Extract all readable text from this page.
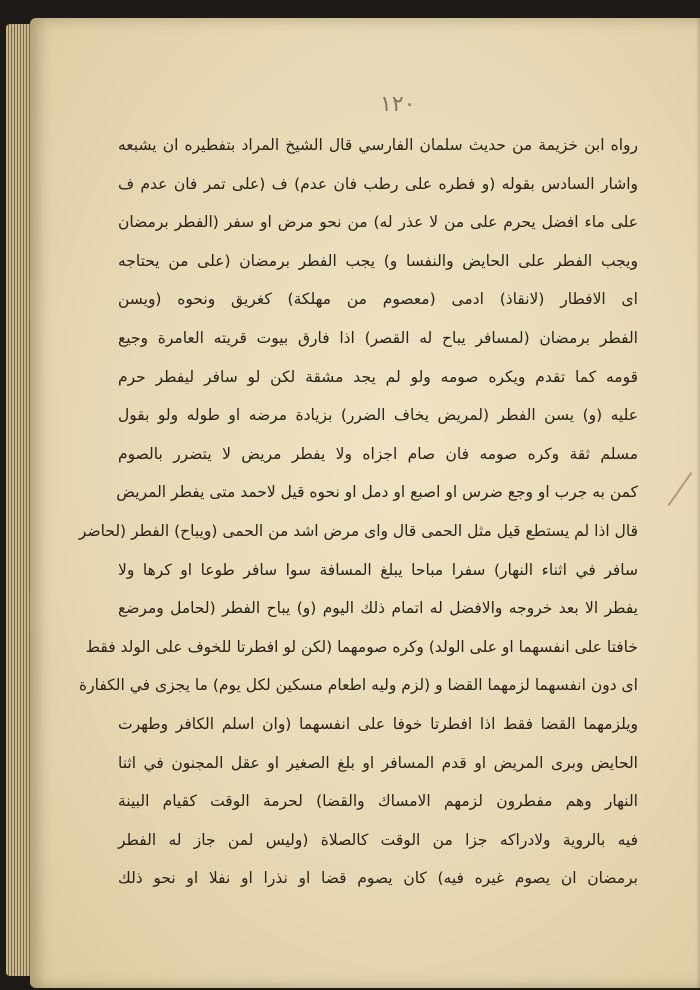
١٢٠
رواه ابن خزيمة من حديث سلمان الفارسي قال الشيخ المراد بتفطيره ان يشبعه
واشار السادس بقوله (و فطره على رطب فان عدم) ف (على تمر فان عدم ف
على ماء افضل يحرم على من لا عذر له) من نحو مرض او سفر (الفطر برمضان
ويجب الفطر على الحايض والنفسا و) يجب الفطر برمضان (على من يحتاجه
اى الافطار (لانقاذ) ادمى (معصوم من مهلكة) كغريق ونحوه (ويسن
الفطر برمضان (لمسافر يباح له القصر) اذا فارق بيوت قريته العامرة وجيع
قومه كما تقدم ويكره صومه ولو لم يجد مشقة لكن لو سافر ليفطر حرم
عليه (و) يسن الفطر (لمريض يخاف الضرر) بزيادة مرضه او طوله ولو بقول
مسلم ثقة وكره صومه فان صام اجزاه ولا يفطر مريض لا يتضرر بالصوم
كمن به جرب او وجع ضرس او اصبع او دمل او نحوه قيل لاحمد متى يفطر المريض
قال اذا لم يستطع قيل مثل الحمى قال واى مرض اشد من الحمى (ويباح) الفطر (لحاضر
سافر في اثناء النهار) سفرا مباحا يبلغ المسافة سوا سافر طوعا او كرها ولا
يفطر الا بعد خروجه والافضل له اتمام ذلك اليوم (و) يباح الفطر (لحامل ومرضع
خافتا على انفسهما او على الولد) وكره صومهما (لكن لو افطرتا للخوف على الولد فقط
اى دون انفسهما لزمهما القضا و (لزم وليه اطعام مسكين لكل يوم) ما يجزى في الكفارة
ويلزمهما القضا فقط اذا افطرتا خوفا على انفسهما (وان اسلم الكافر وطهرت
الحايض وبرى المريض او قدم المسافر او بلغ الصغير او عقل المجنون في اثنا
النهار وهم مفطرون لزمهم الامساك والقضا) لحرمة الوقت كقيام البينة
فيه بالروية ولادراكه جزا من الوقت كالصلاة (وليس لمن جاز له الفطر
برمضان ان يصوم غيره فيه) كان يصوم قضا او نذرا او نفلا او نحو ذلك
